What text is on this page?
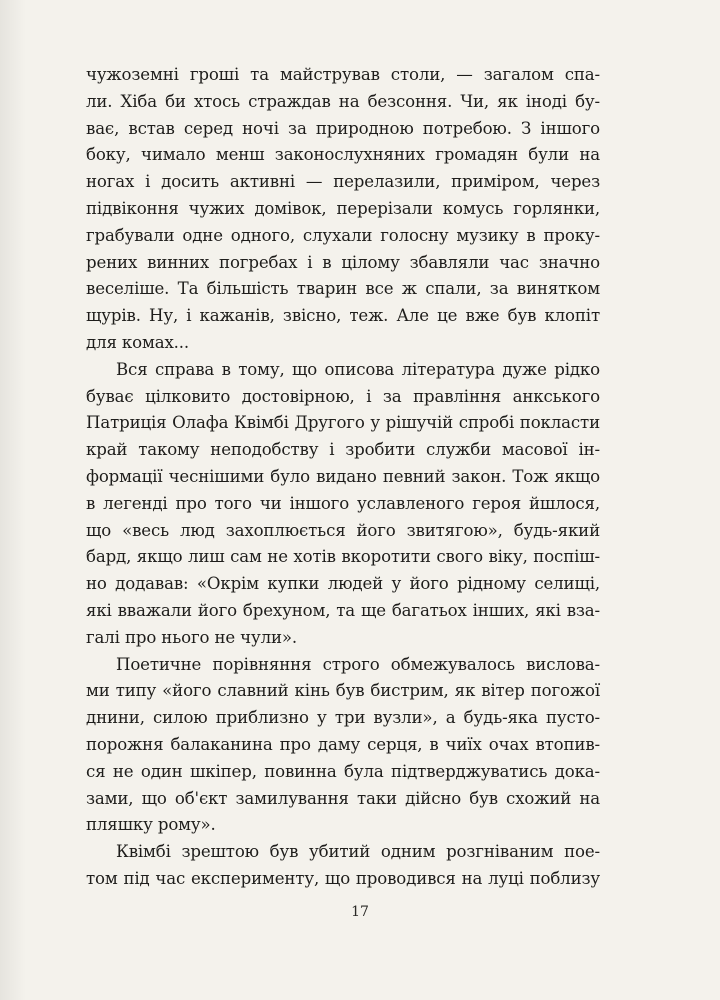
чужоземні гроші та майстрував столи, — загалом спа-
ли. Хіба би хтось страждав на безсоння. Чи, як іноді бу-
ває, встав серед ночі за природною потребою. З іншого
боку, чимало менш законослухняних громадян були на
ногах і досить активні — перелазили, приміром, через
підвіконня чужих домівок, перерізали комусь горлянки,
грабували одне одного, слухали голосну музику в проку-
рених винних погребах і в цілому збавляли час значно
веселіше. Та більшість тварин все ж спали, за винятком
щурів. Ну, і кажанів, звісно, теж. Але це вже був клопіт
для комах...
Вся справа в тому, що описова література дуже рідко
буває цілковито достовірною, і за правління анкського
Патриція Олафа Квімбі Другого у рішучій спробі покласти
край такому неподобству і зробити служби масової ін-
формації чеснішими було видано певний закон. Тож якщо
в легенді про того чи іншого уславленого героя йшлося,
що «весь люд захоплюється його звитягою», будь-який
бард, якщо лиш сам не хотів вкоротити свого віку, поспіш-
но додавав: «Окрім купки людей у його рідному селищі,
які вважали його брехуном, та ще багатьох інших, які вза-
галі про нього не чули».
Поетичне порівняння строго обмежувалось вислова-
ми типу «його славний кінь був бистрим, як вітер погожої
днини, силою приблизно у три вузли», а будь-яка пусто-
порожня балаканина про даму серця, в чиїх очах втопив-
ся не один шкіпер, повинна була підтверджуватись дока-
зами, що об'єкт замилування таки дійсно був схожий на
пляшку рому».
Квімбі зрештою був убитий одним розгніваним пое-
том під час експерименту, що проводився на луці поблизу
17
